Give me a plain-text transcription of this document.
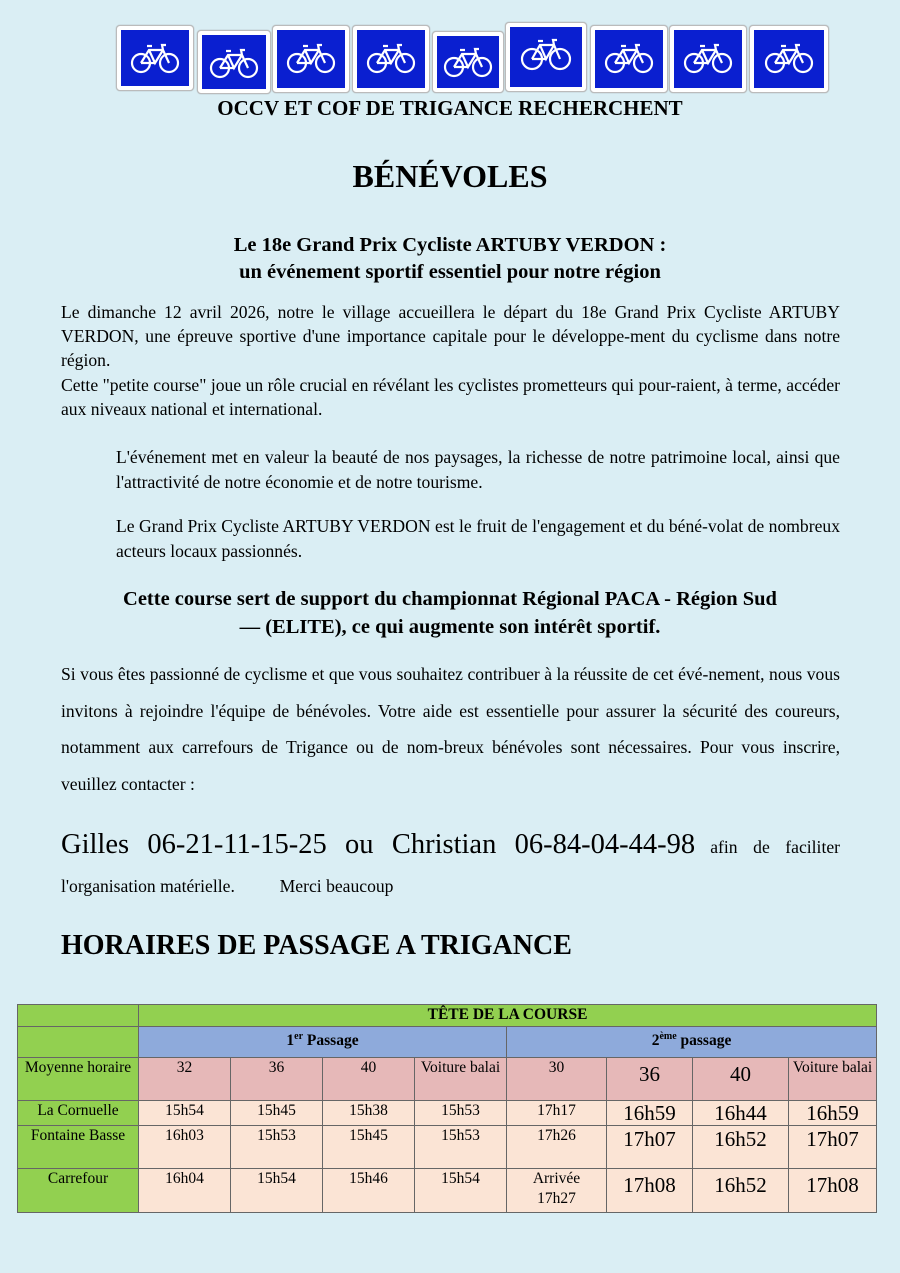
OCCV ET COF DE TRIGANCE RECHERCHENT
BÉNÉVOLES
Le 18e Grand Prix Cycliste ARTUBY VERDON :
un événement sportif essentiel pour notre région
Le dimanche 12 avril 2026, notre le village accueillera le départ du 18e Grand Prix Cycliste ARTUBY VERDON, une épreuve sportive d'une importance capitale pour le développe-ment du cyclisme dans notre région.
Cette "petite course" joue un rôle crucial en révélant les cyclistes prometteurs qui pour-raient, à terme, accéder aux niveaux national et international.
L'événement met en valeur la beauté de nos paysages, la richesse de notre patrimoine local, ainsi que l'attractivité de notre économie et de notre tourisme.
Le Grand Prix Cycliste ARTUBY VERDON est le fruit de l'engagement et du béné-volat de nombreux acteurs locaux passionnés.
Cette course sert de support du championnat Régional PACA - Région Sud
— (ELITE), ce qui augmente son intérêt sportif.
Si vous êtes passionné de cyclisme et que vous souhaitez contribuer à la réussite de cet évé-nement, nous vous invitons à rejoindre l'équipe de bénévoles. Votre aide est essentielle pour assurer la sécurité des coureurs, notamment aux carrefours de Trigance ou de nom-breux bénévoles sont nécessaires. Pour vous inscrire, veuillez contacter :
Gilles 06-21-11-15-25 ou Christian 06-84-04-44-98 afin de faciliter
l'organisation matérielle.	Merci beaucoup
HORAIRES DE PASSAGE A TRIGANCE
	TÊTE DE LA COURSE							
	1er Passage				2ème passage			
Moyenne horaire	32	36	40	Voiture balai	30	36	40	Voiture balai
La Cornuelle	15h54	15h45	15h38	15h53	17h17	16h59	16h44	16h59
Fontaine Basse	16h03	15h53	15h45	15h53	17h26	17h07	16h52	17h07
Carrefour	16h04	15h54	15h46	15h54	Arrivée 17h27	17h08	16h52	17h08
